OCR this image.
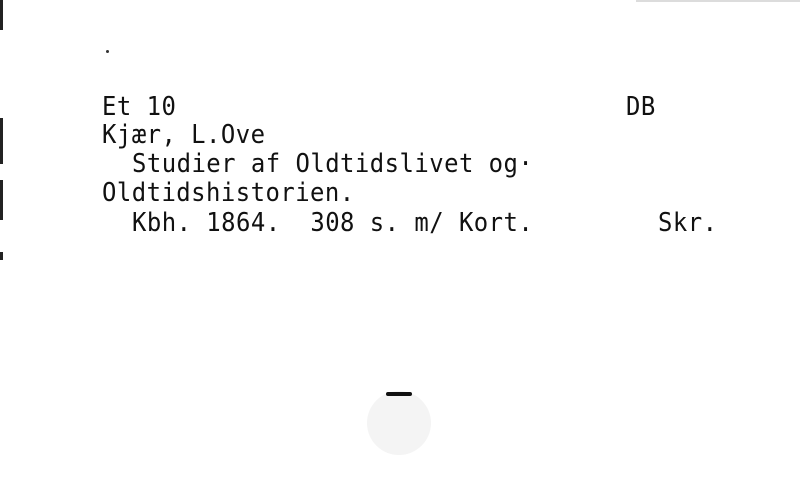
Et 10	DB
Kjær, L.Ove
Studier af Oldtidslivet og·
Oldtidshistorien.
Kbh. 1864.  308 s. m/ Kort.	Skr.
